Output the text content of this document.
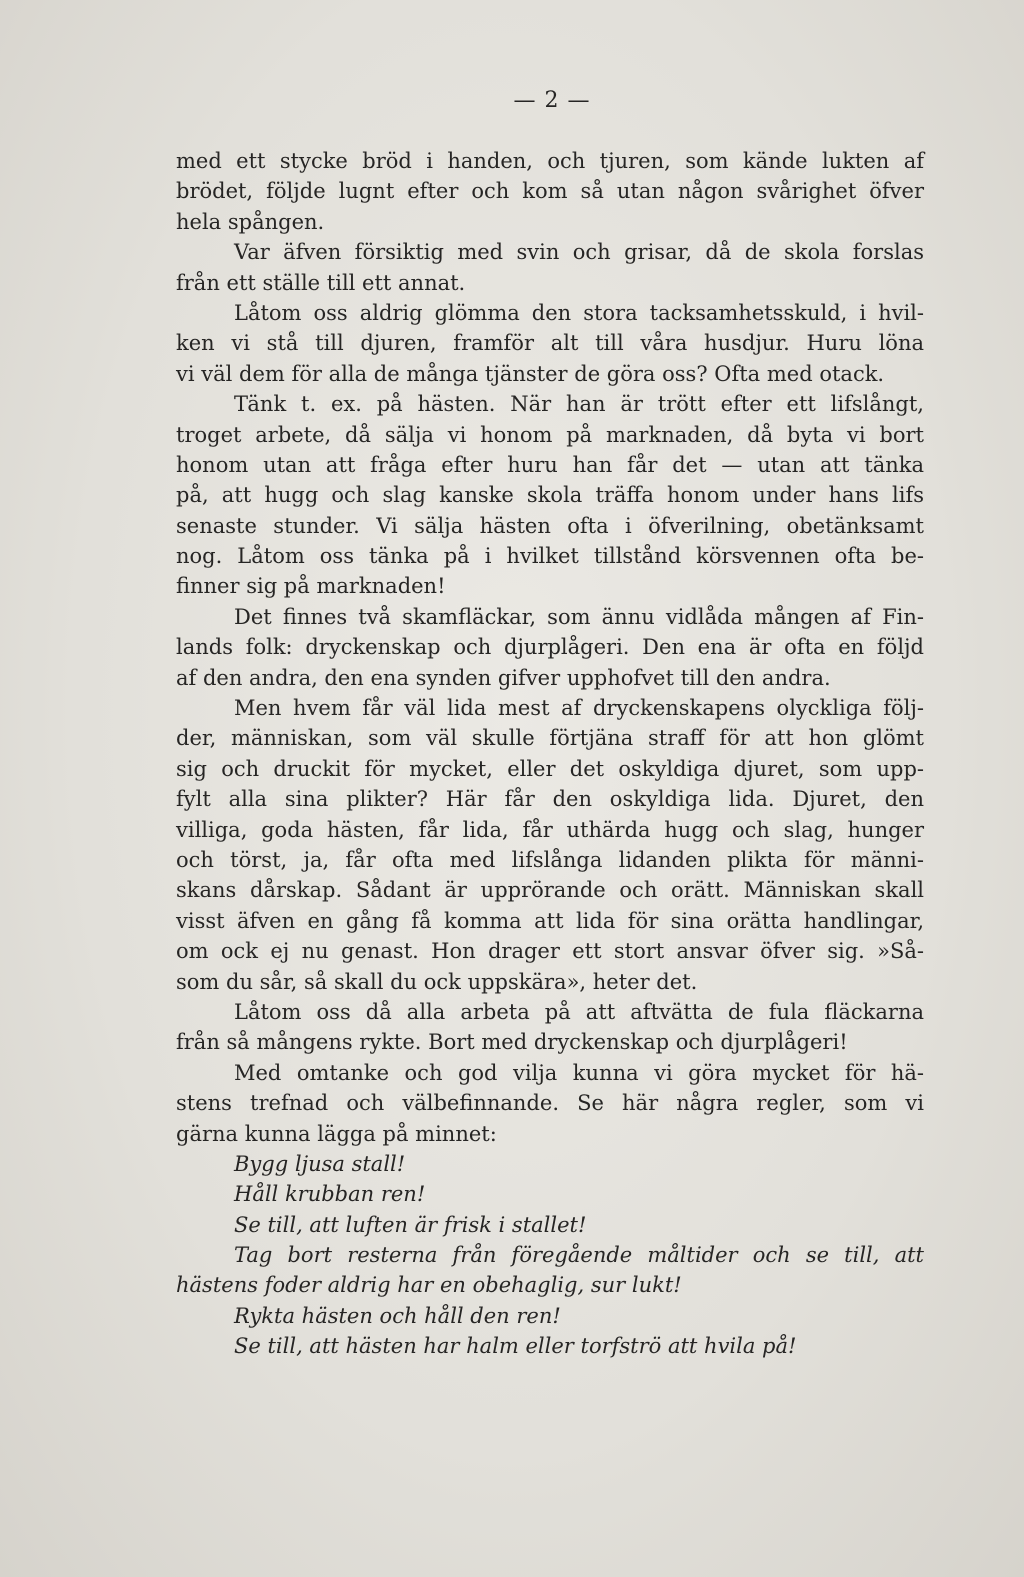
— 2 —
med ett stycke bröd i handen, och tjuren, som kände lukten af
brödet, följde lugnt efter och kom så utan någon svårighet öfver
hela spången.
Var äfven försiktig med svin och grisar, då de skola forslas
från ett ställe till ett annat.
Låtom oss aldrig glömma den stora tacksamhetsskuld, i hvil-
ken vi stå till djuren, framför alt till våra husdjur. Huru löna
vi väl dem för alla de många tjänster de göra oss? Ofta med otack.
Tänk t. ex. på hästen. När han är trött efter ett lifslångt,
troget arbete, då sälja vi honom på marknaden, då byta vi bort
honom utan att fråga efter huru han får det — utan att tänka
på, att hugg och slag kanske skola träffa honom under hans lifs
senaste stunder. Vi sälja hästen ofta i öfverilning, obetänksamt
nog. Låtom oss tänka på i hvilket tillstånd körsvennen ofta be-
finner sig på marknaden!
Det finnes två skamfläckar, som ännu vidlåda mången af Fin-
lands folk: dryckenskap och djurplågeri. Den ena är ofta en följd
af den andra, den ena synden gifver upphofvet till den andra.
Men hvem får väl lida mest af dryckenskapens olyckliga följ-
der, människan, som väl skulle förtjäna straff för att hon glömt
sig och druckit för mycket, eller det oskyldiga djuret, som upp-
fylt alla sina plikter? Här får den oskyldiga lida. Djuret, den
villiga, goda hästen, får lida, får uthärda hugg och slag, hunger
och törst, ja, får ofta med lifslånga lidanden plikta för männi-
skans dårskap. Sådant är upprörande och orätt. Människan skall
visst äfven en gång få komma att lida för sina orätta handlingar,
om ock ej nu genast. Hon drager ett stort ansvar öfver sig. »Så-
som du sår, så skall du ock uppskära», heter det.
Låtom oss då alla arbeta på att aftvätta de fula fläckarna
från så mångens rykte. Bort med dryckenskap och djurplågeri!
Med omtanke och god vilja kunna vi göra mycket för hä-
stens trefnad och välbefinnande. Se här några regler, som vi
gärna kunna lägga på minnet:
Bygg ljusa stall!
Håll krubban ren!
Se till, att luften är frisk i stallet!
Tag bort resterna från föregående måltider och se till, att
hästens foder aldrig har en obehaglig, sur lukt!
Rykta hästen och håll den ren!
Se till, att hästen har halm eller torfströ att hvila på!
